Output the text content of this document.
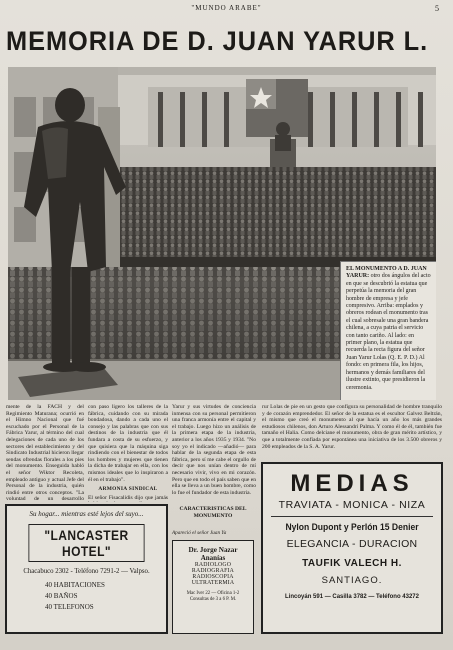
"MUNDO ARABE"	5
MEMORIA DE D. JUAN YARUR L.
EL MONUMENTO A D. JUAN YARUR: otro dos ángulos del acto en que se descubrió la estatua que perpetúa la memoria del gran hombre de empresa y jefe compresivo. Arriba: emplados y obreros rodean el monumento tras el cual sobresale una gran bandera chilena, a cuya patria el servicio con tanto cariño. Al lado: en primer plano, la estatua que recuerda la recta figura del señor Juan Yarur Lolas (Q. E. P. D.) Al fondo: en primera fila, los hijos, hermanos y demás familiares del ilustre extinto, que presidieron la ceremonia.
mente de la FACH y del Regimiento Maturana; ocurrió en el Himno Nacional que fué escuchado por el Personal de la Fábrica Yarur, al término del cual delegaciones de cada uno de los sectores del establecimiento y del Sindicato Industrial hicieron llegar sendas ofrendas florales a los pies del monumento. Enseguida habló el señor Wiktor Recoleta, empleado antiguo y actual Jefe del Personal de la industria, quién rindió entre otros conceptos. "La voluntad de un desarrollo
con paso ligero los talleres de la fábrica, cuidando con su mirada bondadosa, dando a cada uno el consejo y las palabras que con sus destinos de la industria que él fundara a costa de su esfuerzo, y que quisiera que la máquina siga rindiendo con el bienestar de todos los hombres y mujeres que tienen la dicha de trabajar en ella, con los mismos ideales que lo inspiraron a él en el trabajo".
ARMONIA SINDICAL
El señor Fisacalidis dijo que jamás
Yarur y sus virtudes de conciencia inmensa con su personal permitieron una franca armonía entre el capital y el trabajo. Luego hizo un análisis de la primera etapa de la industria, anterior a los años 1935 y 1934. "No soy yo el indicado —añadió— para hablar de la segunda etapa de esta fábrica, pero sí me cabe el orgullo de decir que nos unían dentro de mí necesario vivir, vivo en mi corazón. Pero que en todo el país saben que en ella se lleva a un buen hombre, como lo fue el fundador de esta industria.
rur Lolas de pie en un gesto que configura su personalidad de hombre tranquilo y de corazón emprendedor. El señor de la estatua es el escultor Galvez Beltrán, el mismo que creó el monumento al que hacía un año los más grandes estudiosos chilenos, don Arturo Alessandri Palma. Y como él de él, también fue tamaño el Halia. Como delciane el monumento, obra de gran mérito artístico, y que a totalmente confiada por espontánea una iniciativa de los 3.500 obreros y 200 empleados de la S. A. Yarur.
CARACTERISTICAS DEL MONUMENTO
Apareció el señor Juan Ya
Su hogar... mientras esté lejos del suyo...
"LANCASTER HOTEL"
Chacabuco 2302 - Teléfono 7291-2 — Valpso.
40 HABITACIONES
40 BAÑOS
40 TELEFONOS
Dr. Jorge Nazar
Ananías
RADIOLOGO
RADIOGRAFIA
RADIOSCOPIA
ULTRATERMIA
Mac Iver 22 — Oficina 1-2
Consultas de 3 a 6 P. M.
MEDIAS
TRAVIATA - MONICA - NIZA
Nylon Dupont y Perlón 15 Denier
ELEGANCIA - DURACION
TAUFIK VALECH H.
SANTIAGO.
Lincoyán 591 — Casilla 3782 — Teléfono 43272
